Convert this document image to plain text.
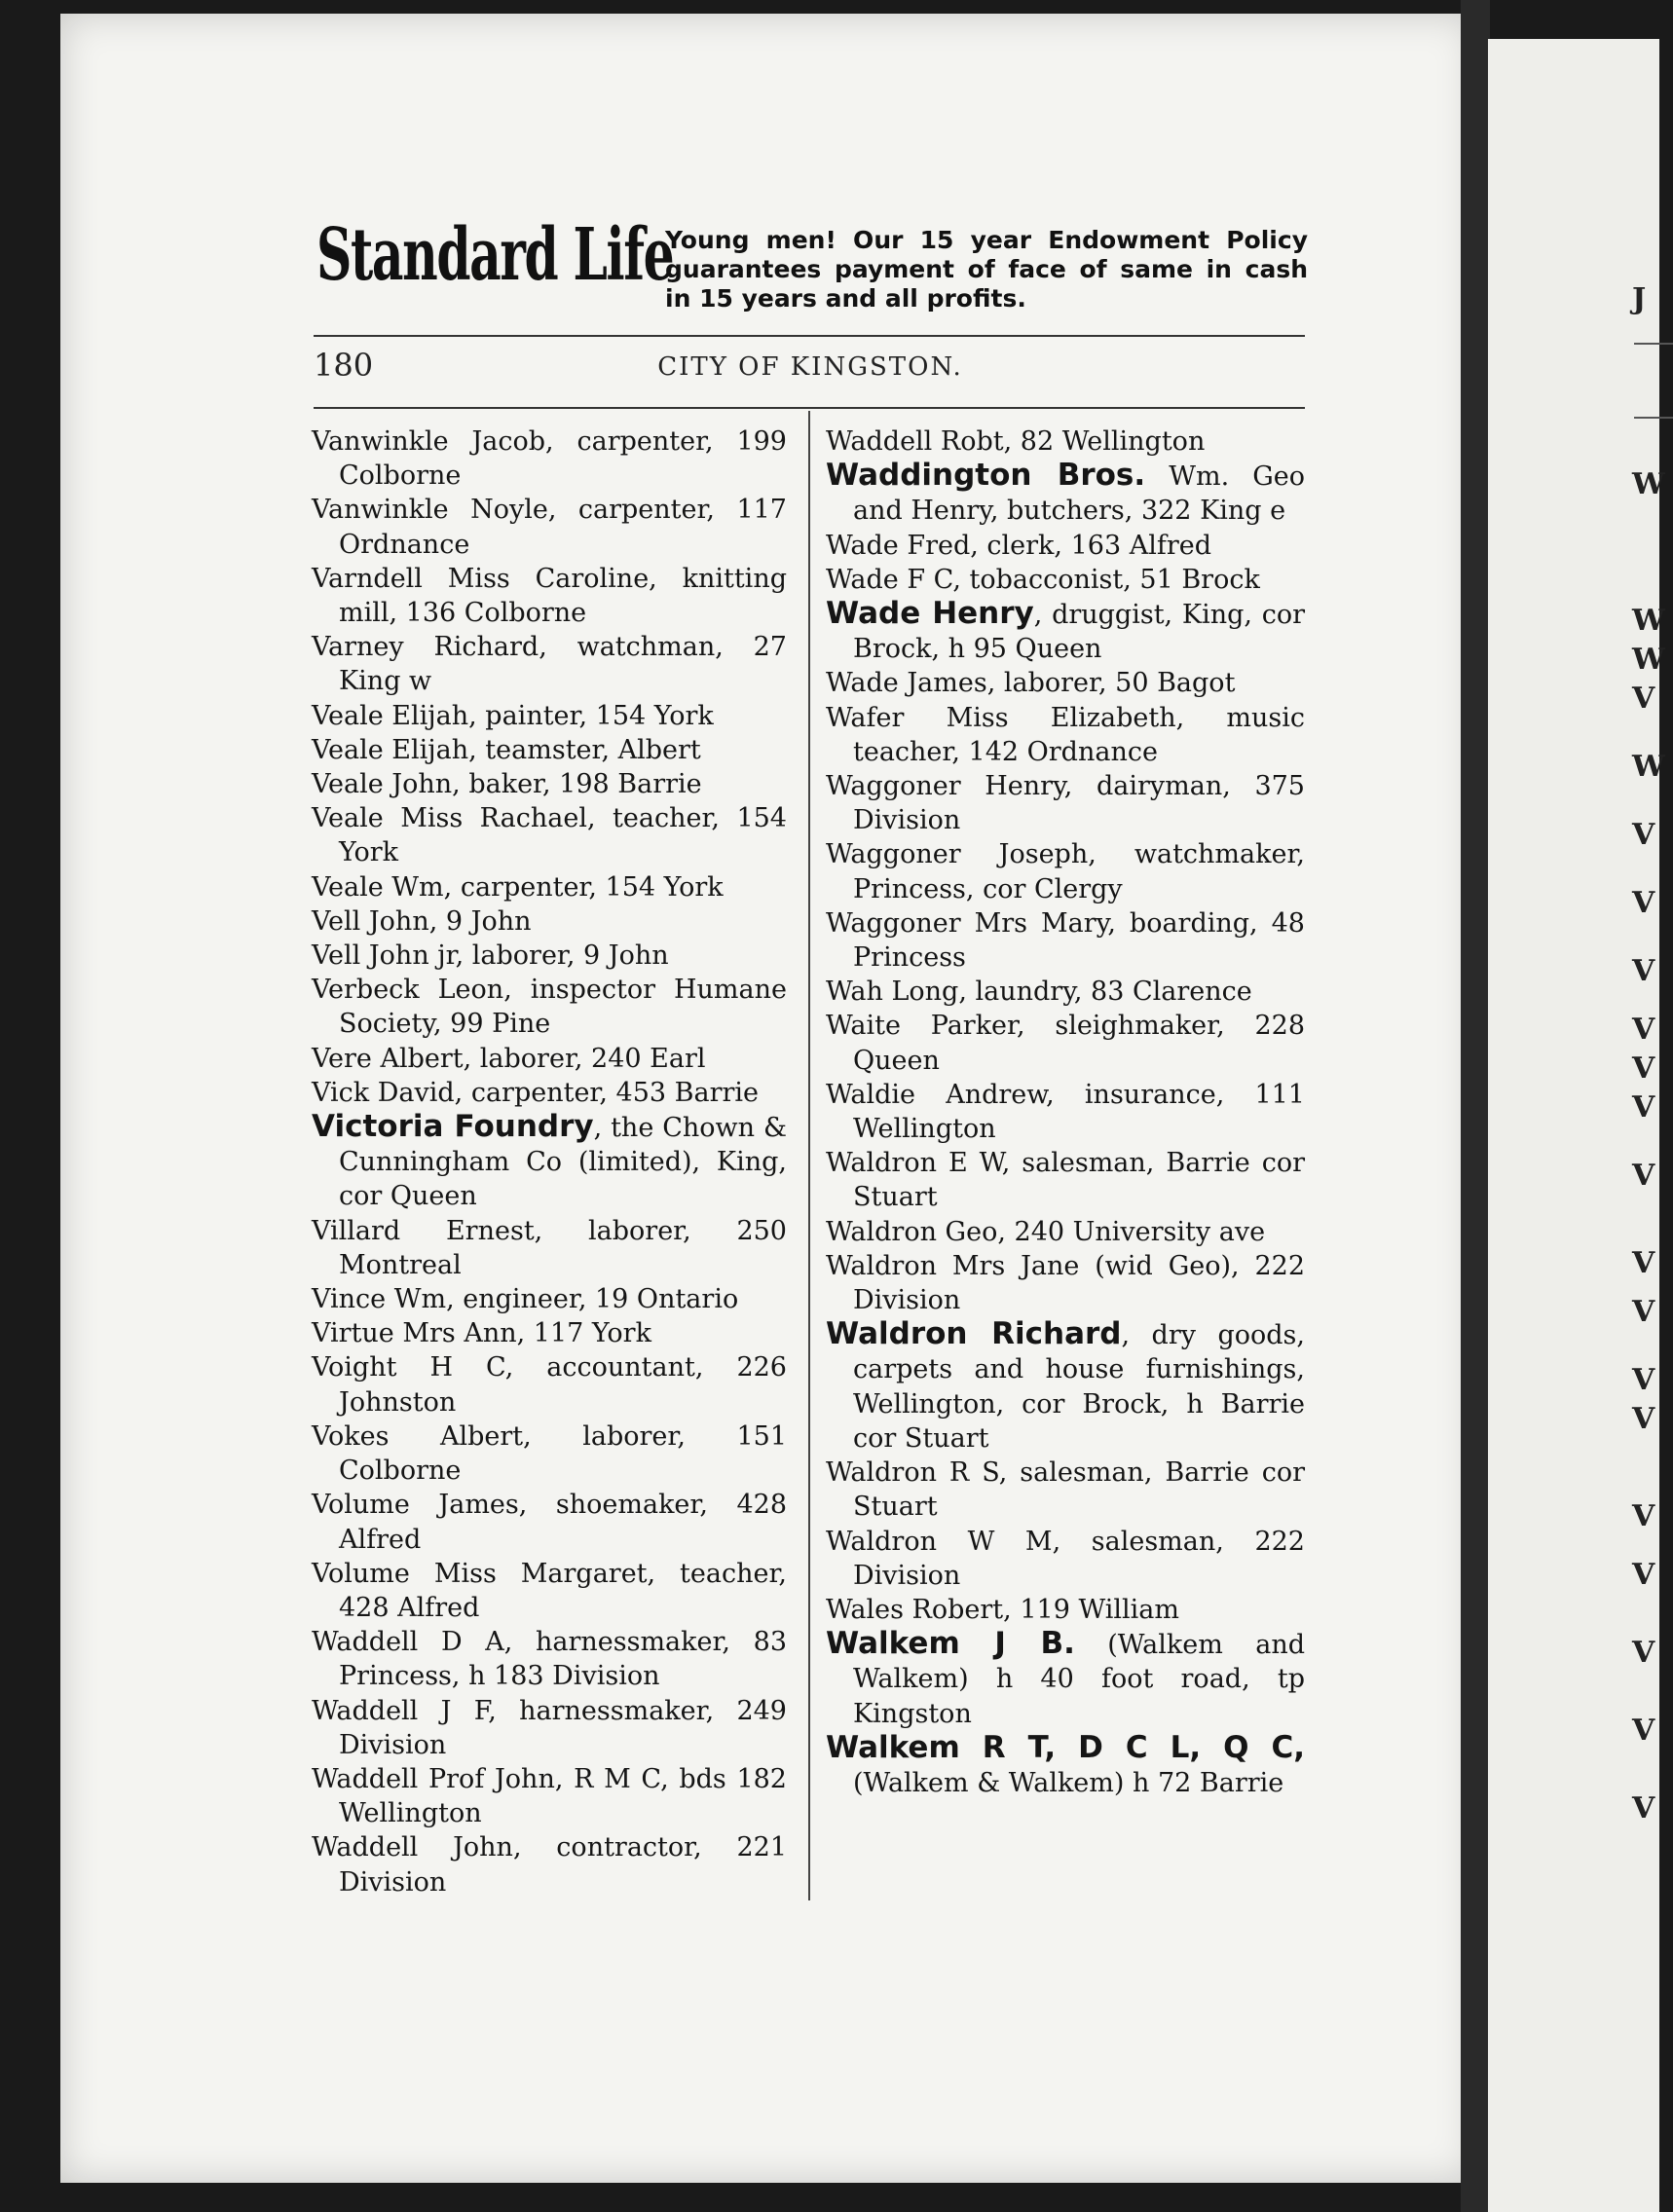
J
W
W
W
V
W
V
V
V
V
V
V
V
V
V
V
V
V
V
V
V
V
Standard Life
Young men! Our 15 year Endowment Policy guarantees payment of face of same in cash in 15 years and all profits.
180	CITY OF KINGSTON.
Vanwinkle Jacob, carpenter, 199 Colborne
Vanwinkle Noyle, carpenter, 117 Ordnance
Varndell Miss Caroline, knitting mill, 136 Colborne
Varney Richard, watchman, 27 King w
Veale Elijah, painter, 154 York
Veale Elijah, teamster, Albert
Veale John, baker, 198 Barrie
Veale Miss Rachael, teacher, 154 York
Veale Wm, carpenter, 154 York
Vell John, 9 John
Vell John jr, laborer, 9 John
Verbeck Leon, inspector Humane Society, 99 Pine
Vere Albert, laborer, 240 Earl
Vick David, carpenter, 453 Barrie
Victoria Foundry, the Chown & Cunningham Co (limited), King, cor Queen
Villard Ernest, laborer, 250 Montreal
Vince Wm, engineer, 19 Ontario
Virtue Mrs Ann, 117 York
Voight H C, accountant, 226 Johnston
Vokes Albert, laborer, 151 Colborne
Volume James, shoemaker, 428 Alfred
Volume Miss Margaret, teacher, 428 Alfred
Waddell D A, harnessmaker, 83 Princess, h 183 Division
Waddell J F, harnessmaker, 249 Division
Waddell Prof John, R M C, bds 182 Wellington
Waddell John, contractor, 221 Division
Waddell Robt, 82 Wellington
Waddington Bros. Wm. Geo and Henry, butchers, 322 King e
Wade Fred, clerk, 163 Alfred
Wade F C, tobacconist, 51 Brock
Wade Henry, druggist, King, cor Brock, h 95 Queen
Wade James, laborer, 50 Bagot
Wafer Miss Elizabeth, music teacher, 142 Ordnance
Waggoner Henry, dairyman, 375 Division
Waggoner Joseph, watchmaker, Princess, cor Clergy
Waggoner Mrs Mary, boarding, 48 Princess
Wah Long, laundry, 83 Clarence
Waite Parker, sleighmaker, 228 Queen
Waldie Andrew, insurance, 111 Wellington
Waldron E W, salesman, Barrie cor Stuart
Waldron Geo, 240 University ave
Waldron Mrs Jane (wid Geo), 222 Division
Waldron Richard, dry goods, carpets and house furnishings, Wellington, cor Brock, h Barrie cor Stuart
Waldron R S, salesman, Barrie cor Stuart
Waldron W M, salesman, 222 Division
Wales Robert, 119 William
Walkem J B. (Walkem and Walkem) h 40 foot road, tp Kingston
Walkem R T, D C L, Q C, (Walkem & Walkem) h 72 Barrie
